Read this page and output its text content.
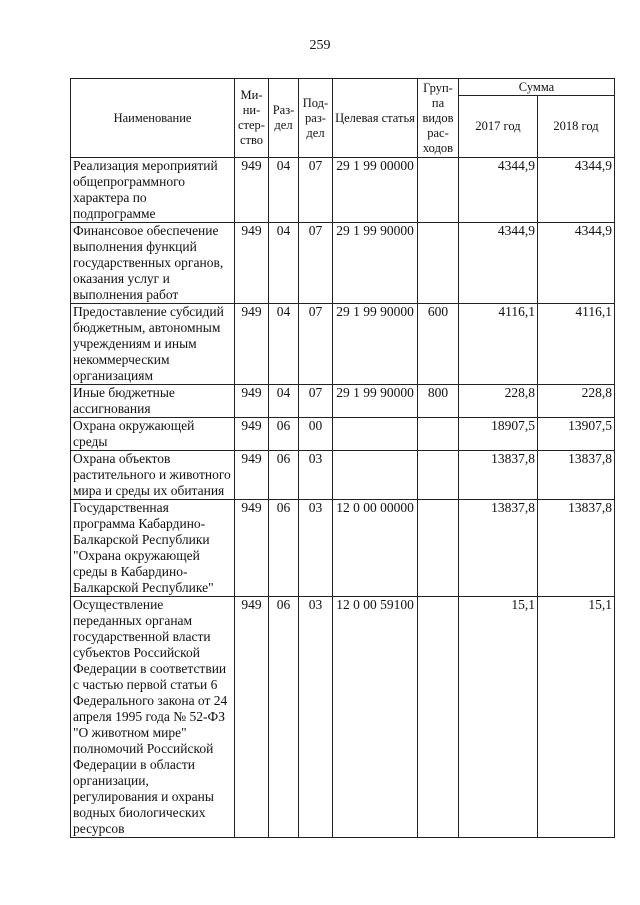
259
Наименование	Ми-ни-стер-ство	Раз-дел	Под-раз-дел	Целевая статья	Груп-па видов рас-ходов	Сумма	
						2017 год	2018 год
Реализация мероприятий общепрограммного характера по подпрограмме	949	04	07	29 1 99 00000		4344,9	4344,9
Финансовое обеспечение выполнения функций государственных органов, оказания услуг и выполнения работ	949	04	07	29 1 99 90000		4344,9	4344,9
Предоставление субсидий бюджетным, автономным учреждениям и иным некоммерческим организациям	949	04	07	29 1 99 90000	600	4116,1	4116,1
Иные бюджетные ассигнования	949	04	07	29 1 99 90000	800	228,8	228,8
Охрана окружающей среды	949	06	00			18907,5	13907,5
Охрана объектов растительного и животного мира и среды их обитания	949	06	03			13837,8	13837,8
Государственная программа Кабардино-Балкарской Республики "Охрана окружающей среды в Кабардино-Балкарской Республике"	949	06	03	12 0 00 00000		13837,8	13837,8
Осуществление переданных органам государственной власти субъектов Российской Федерации в соответствии с частью первой статьи 6 Федерального закона от 24 апреля 1995 года № 52-ФЗ "О животном мире" полномочий Российской Федерации в области организации, регулирования и охраны водных биологических ресурсов	949	06	03	12 0 00 59100		15,1	15,1
